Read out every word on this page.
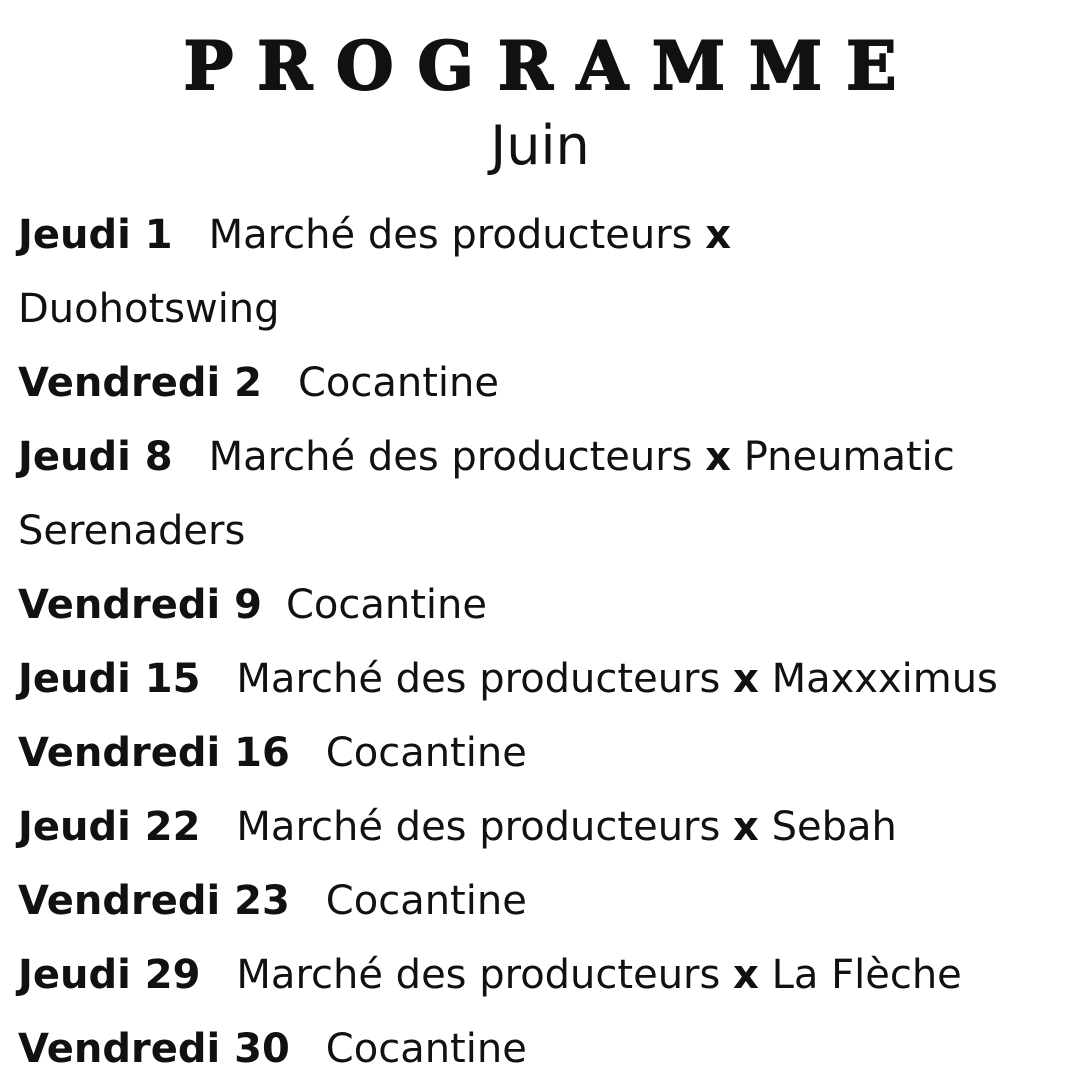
PROGRAMME
Juin
Jeudi 1 Marché des producteurs x
Duohotswing
Vendredi 2 Cocantine
Jeudi 8 Marché des producteurs x Pneumatic
Serenaders
Vendredi 9 Cocantine
Jeudi 15 Marché des producteurs x Maxxximus
Vendredi 16 Cocantine
Jeudi 22 Marché des producteurs x Sebah
Vendredi 23 Cocantine
Jeudi 29 Marché des producteurs x La Flèche
Vendredi 30 Cocantine
